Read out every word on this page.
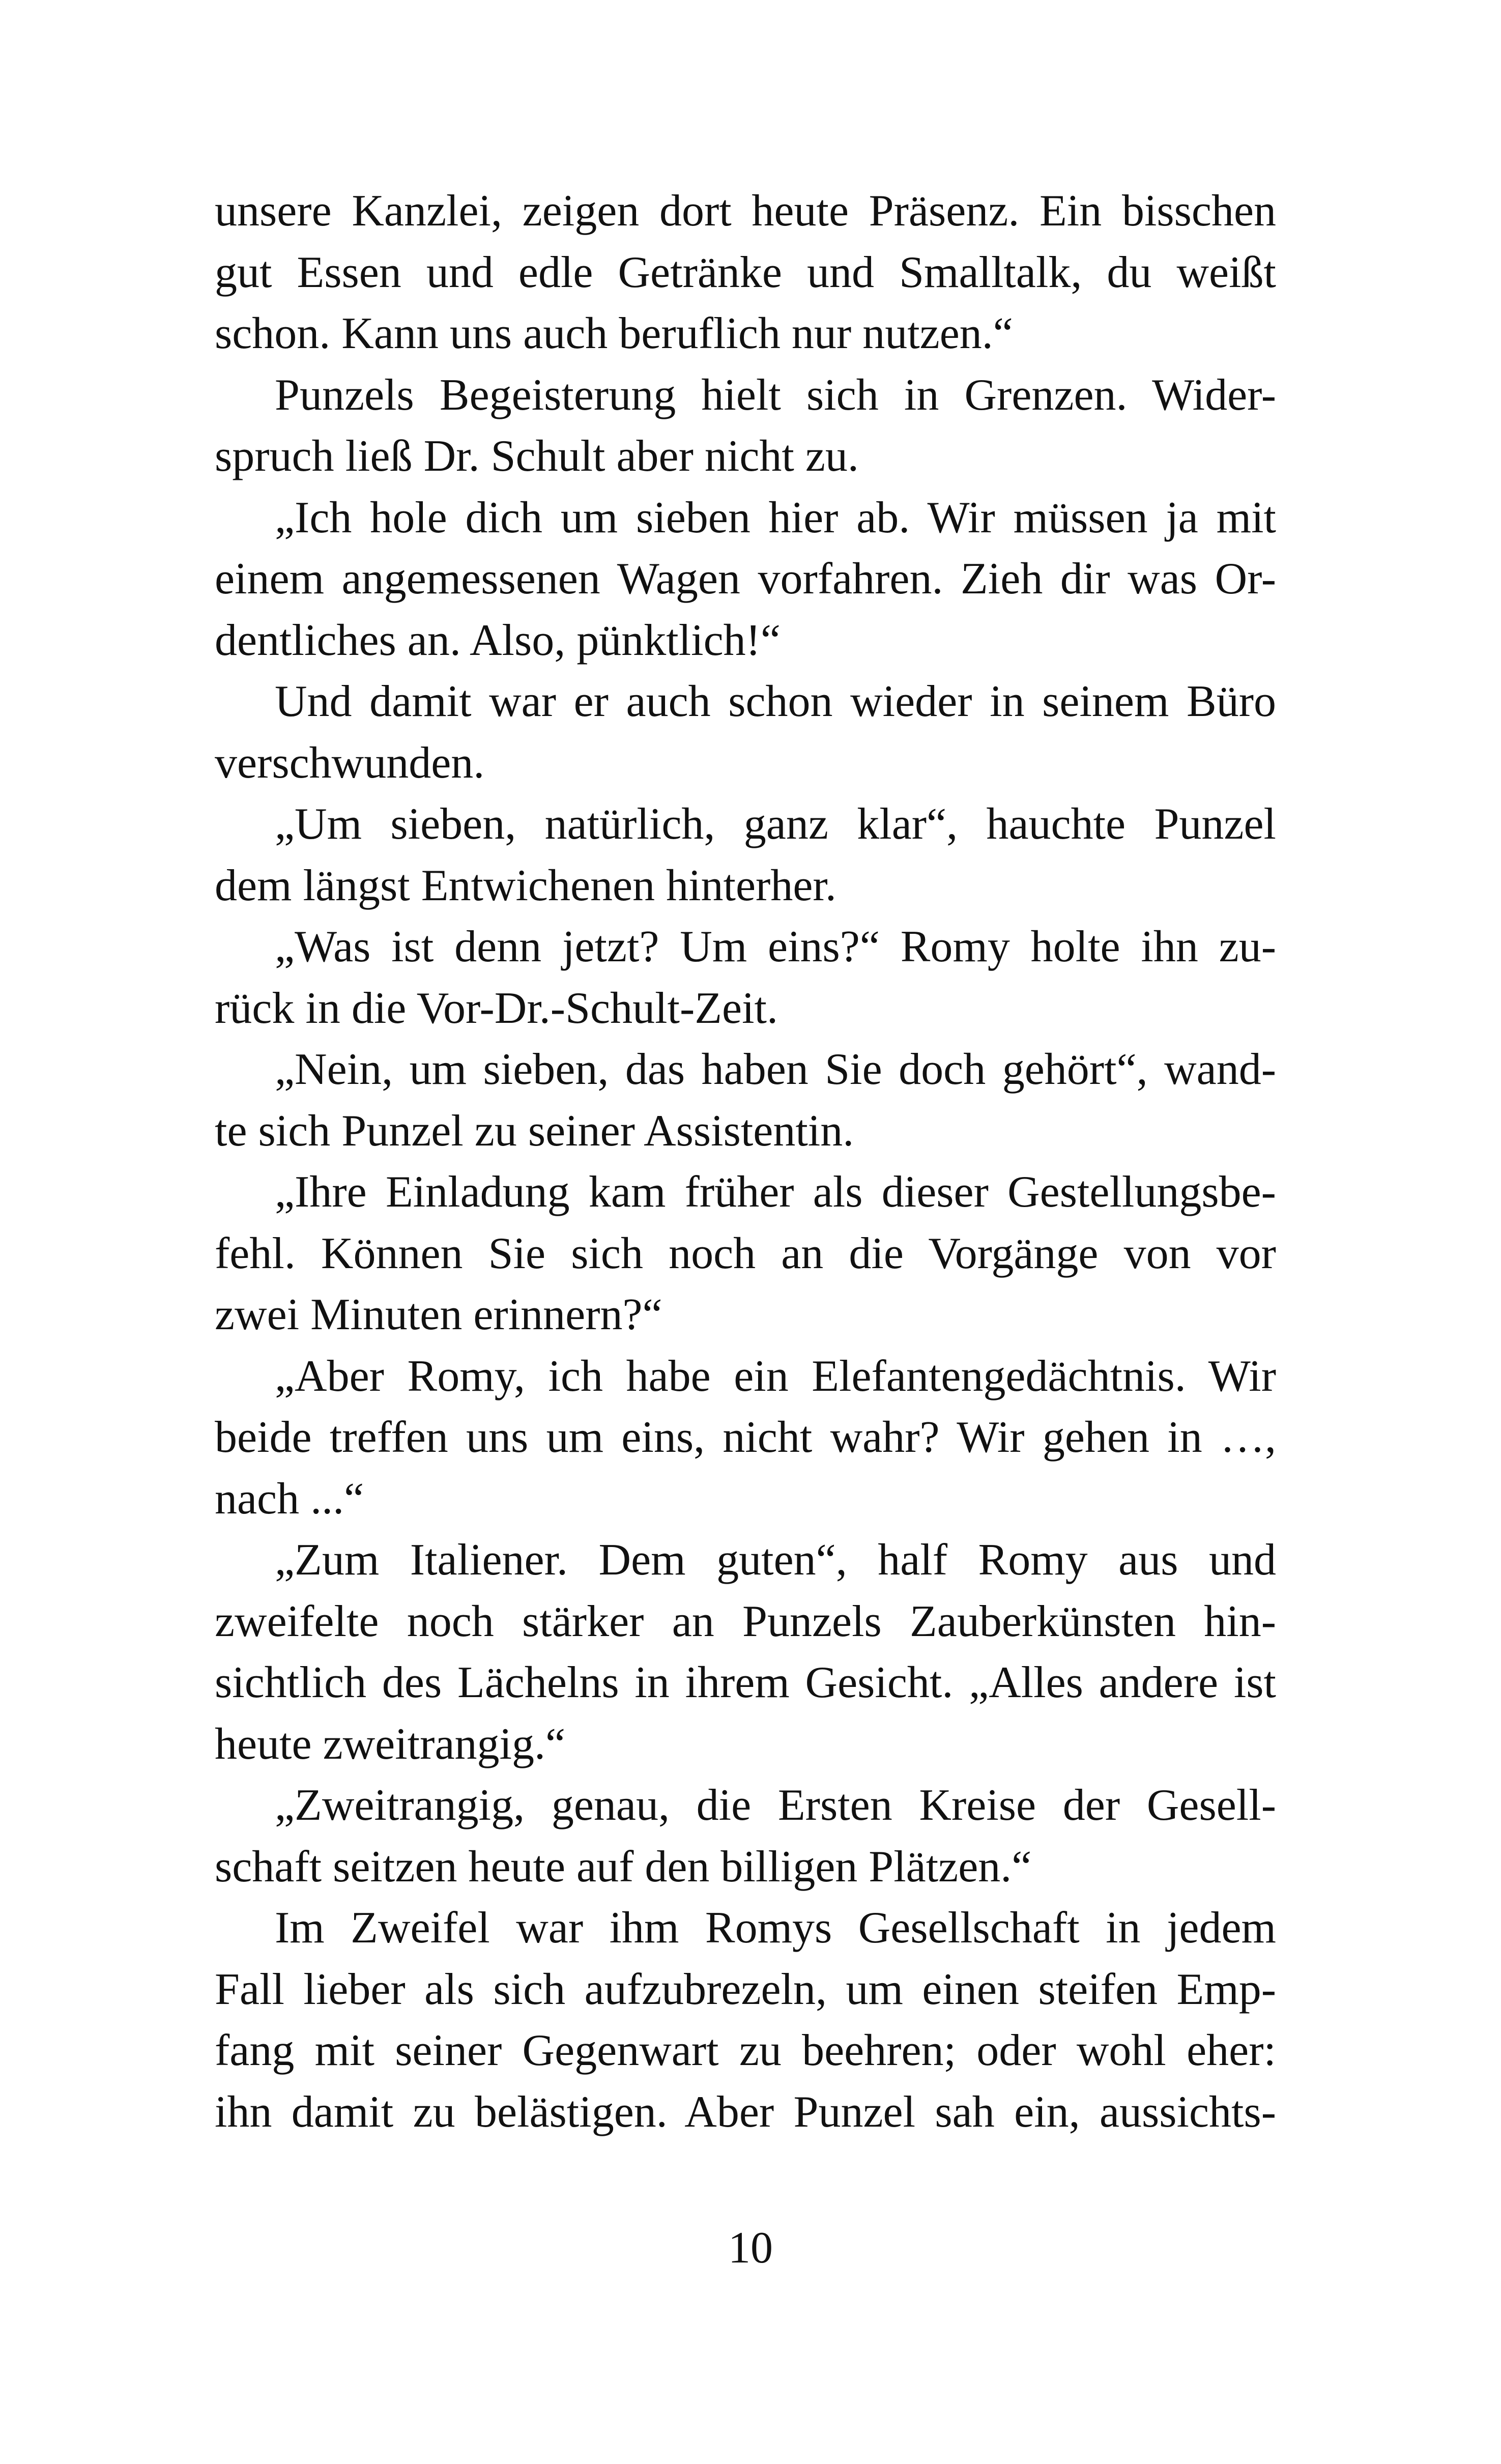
unsere Kanzlei, zeigen dort heute Präsenz. Ein bisschen
gut Essen und edle Getränke und Smalltalk, du weißt
schon. Kann uns auch beruflich nur nutzen.“
Punzels Begeisterung hielt sich in Grenzen. Wider-
spruch ließ Dr. Schult aber nicht zu.
„Ich hole dich um sieben hier ab. Wir müssen ja mit
einem angemessenen Wagen vorfahren. Zieh dir was Or-
dentliches an. Also, pünktlich!“
Und damit war er auch schon wieder in seinem Büro
verschwunden.
„Um sieben, natürlich, ganz klar“, hauchte Punzel
dem längst Entwichenen hinterher.
„Was ist denn jetzt? Um eins?“ Romy holte ihn zu-
rück in die Vor-Dr.-Schult-Zeit.
„Nein, um sieben, das haben Sie doch gehört“, wand-
te sich Punzel zu seiner Assistentin.
„Ihre Einladung kam früher als dieser Gestellungsbe-
fehl. Können Sie sich noch an die Vorgänge von vor
zwei Minuten erinnern?“
„Aber Romy, ich habe ein Elefantengedächtnis. Wir
beide treffen uns um eins, nicht wahr? Wir gehen in …,
nach ...“
„Zum Italiener. Dem guten“, half Romy aus und
zweifelte noch stärker an Punzels Zauberkünsten hin-
sichtlich des Lächelns in ihrem Gesicht. „Alles andere ist
heute zweitrangig.“
„Zweitrangig, genau, die Ersten Kreise der Gesell-
schaft seitzen heute auf den billigen Plätzen.“
Im Zweifel war ihm Romys Gesellschaft in jedem
Fall lieber als sich aufzubrezeln, um einen steifen Emp-
fang mit seiner Gegenwart zu beehren; oder wohl eher:
ihn damit zu belästigen. Aber Punzel sah ein, aussichts-
10
